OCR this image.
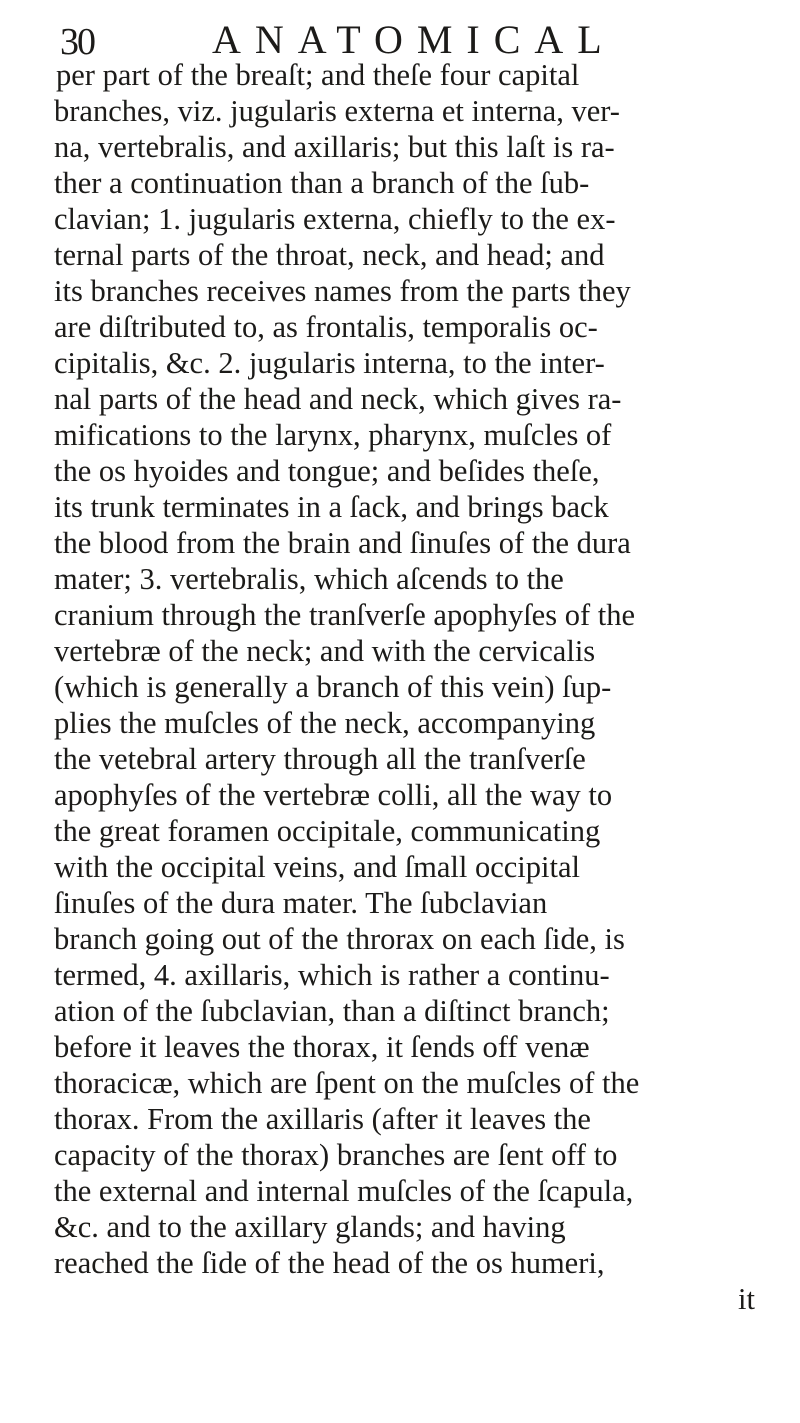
30	ANATOMICAL
per part of the breaſt; and theſe four capital
branches, viz. jugularis externa et interna, ver-
na, vertebralis, and axillaris; but this laſt is ra-
ther a continuation than a branch of the ſub-
clavian; 1. jugularis externa, chiefly to the ex-
ternal parts of the throat, neck, and head; and
its branches receives names from the parts they
are diſtributed to, as frontalis, temporalis oc-
cipitalis, &c. 2. jugularis interna, to the inter-
nal parts of the head and neck, which gives ra-
mifications to the larynx, pharynx, muſcles of
the os hyoides and tongue; and beſides theſe,
its trunk terminates in a ſack, and brings back
the blood from the brain and ſinuſes of the dura
mater; 3. vertebralis, which aſcends to the
cranium through the tranſverſe apophyſes of the
vertebræ of the neck; and with the cervicalis
(which is generally a branch of this vein) ſup-
plies the muſcles of the neck, accompanying
the vetebral artery through all the tranſverſe
apophyſes of the vertebræ colli, all the way to
the great foramen occipitale, communicating
with the occipital veins, and ſmall occipital
ſinuſes of the dura mater. The ſubclavian
branch going out of the throrax on each ſide, is
termed, 4. axillaris, which is rather a continu-
ation of the ſubclavian, than a diſtinct branch;
before it leaves the thorax, it ſends off venæ
thoracicæ, which are ſpent on the muſcles of the
thorax. From the axillaris (after it leaves the
capacity of the thorax) branches are ſent off to
the external and internal muſcles of the ſcapula,
&c. and to the axillary glands; and having
reached the ſide of the head of the os humeri,
it
